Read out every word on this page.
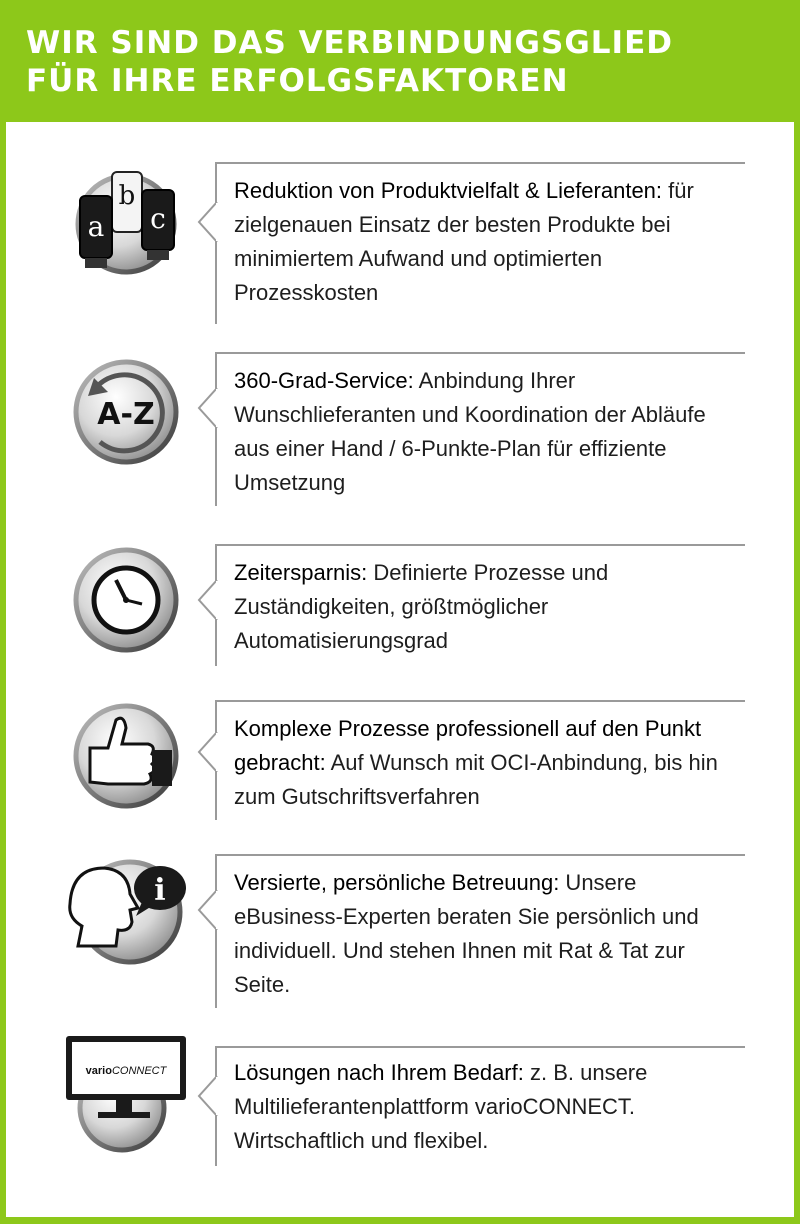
WIR SIND DAS VERBINDUNGSGLIED
FÜR IHRE ERFOLGSFAKTOREN
b
a c
Reduktion von Produktvielfalt & Lieferanten: für zielgenauen Einsatz der besten Produkte bei minimiertem Aufwand und optimierten Prozesskosten
A-Z
360-Grad-Service: Anbindung Ihrer Wunschlieferanten und Koordination der Abläufe aus einer Hand / 6-Punkte-Plan für effiziente Umsetzung
Zeitersparnis: Definierte Prozesse und Zuständigkeiten, größtmöglicher Automatisierungsgrad
Komplexe Prozesse professionell auf den Punkt gebracht: Auf Wunsch mit OCI-Anbindung, bis hin zum Gutschriftsverfahren
i	Versierte, persönliche Betreuung: Unsere eBusiness-Experten beraten Sie persönlich und individuell. Und stehen Ihnen mit Rat & Tat zur Seite.
varioCONNECT	Lösungen nach Ihrem Bedarf: z. B. unsere Multilieferantenplattform varioCONNECT. Wirtschaftlich und flexibel.
